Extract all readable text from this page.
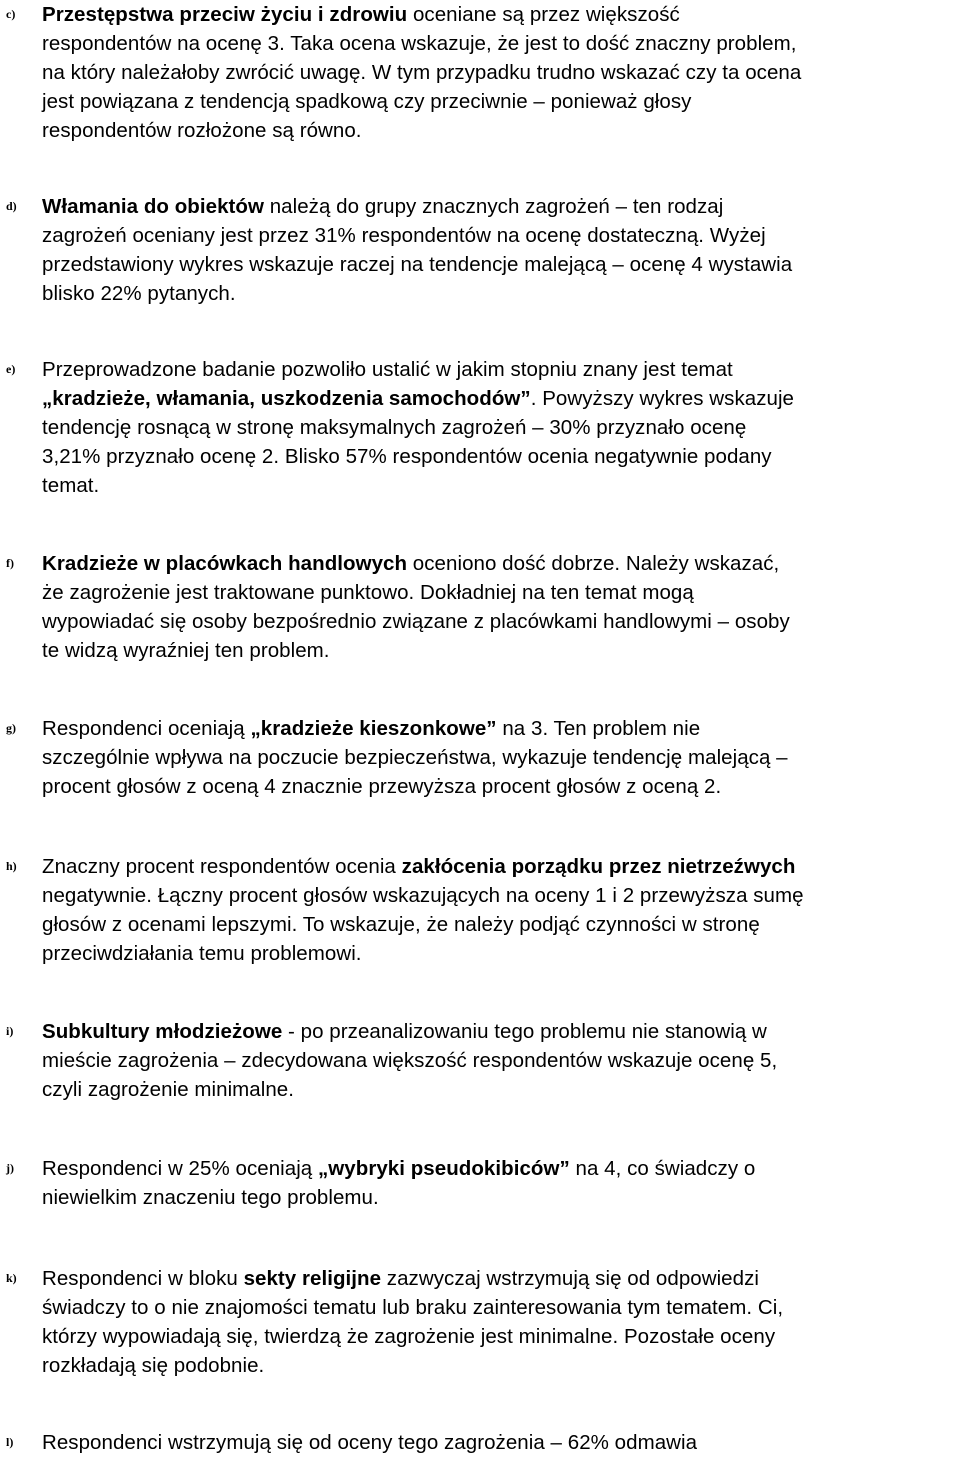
c) Przestępstwa przeciw życiu i zdrowiu oceniane są przez większość
respondentów na ocenę 3. Taka ocena wskazuje, że jest to dość znaczny problem,
na który należałoby zwrócić uwagę. W tym przypadku trudno wskazać czy ta ocena
jest powiązana z tendencją spadkową czy przeciwnie – ponieważ głosy
respondentów rozłożone są równo.
d) Włamania do obiektów należą do grupy znacznych zagrożeń – ten rodzaj
zagrożeń oceniany jest przez 31% respondentów na ocenę dostateczną. Wyżej
przedstawiony wykres wskazuje raczej na tendencje malejącą – ocenę 4 wystawia
blisko 22% pytanych.
e) Przeprowadzone badanie pozwoliło ustalić w jakim stopniu znany jest temat
„kradzieże, włamania, uszkodzenia samochodów”. Powyższy wykres wskazuje
tendencję rosnącą w stronę maksymalnych zagrożeń – 30% przyznało ocenę
3,21% przyznało ocenę 2. Blisko 57% respondentów ocenia negatywnie podany
temat.
f) Kradzieże w placówkach handlowych oceniono dość dobrze. Należy wskazać,
że zagrożenie jest traktowane punktowo. Dokładniej na ten temat mogą
wypowiadać się osoby bezpośrednio związane z placówkami handlowymi – osoby
te widzą wyraźniej ten problem.
g) Respondenci oceniają „kradzieże kieszonkowe” na 3. Ten problem nie
szczególnie wpływa na poczucie bezpieczeństwa, wykazuje tendencję malejącą –
procent głosów z oceną 4 znacznie przewyższa procent głosów z oceną 2.
h) Znaczny procent respondentów ocenia zakłócenia porządku przez nietrzeźwych
negatywnie. Łączny procent głosów wskazujących na oceny 1 i 2 przewyższa sumę
głosów z ocenami lepszymi. To wskazuje, że należy podjąć czynności w stronę
przeciwdziałania temu problemowi.
i) Subkultury młodzieżowe - po przeanalizowaniu tego problemu nie stanowią w
mieście zagrożenia – zdecydowana większość respondentów wskazuje ocenę 5,
czyli zagrożenie minimalne.
j) Respondenci w 25% oceniają „wybryki pseudokibiców” na 4, co świadczy o
niewielkim znaczeniu tego problemu.
k) Respondenci w bloku sekty religijne zazwyczaj wstrzymują się od odpowiedzi
świadczy to o nie znajomości tematu lub braku zainteresowania tym tematem. Ci,
którzy wypowiadają się, twierdzą że zagrożenie jest minimalne. Pozostałe oceny
rozkładają się podobnie.
l) Respondenci wstrzymują się od oceny tego zagrożenia – 62% odmawia
